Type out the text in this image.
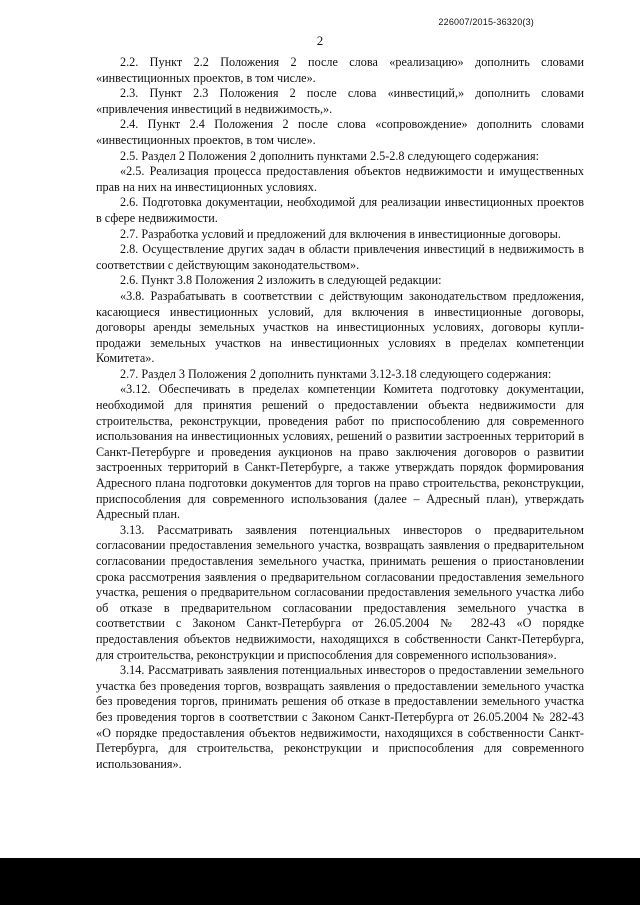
226007/2015-36320(3)
2

2.2. Пункт 2.2 Положения 2 после слова «реализацию» дополнить словами «инвестиционных проектов, в том числе».

2.3. Пункт 2.3 Положения 2 после слова «инвестиций,» дополнить словами «привлечения инвестиций в недвижимость,».

2.4. Пункт 2.4 Положения 2 после слова «сопровождение» дополнить словами «инвестиционных проектов, в том числе».

2.5. Раздел 2 Положения 2 дополнить пунктами 2.5-2.8 следующего содержания:

«2.5. Реализация процесса предоставления объектов недвижимости и имущественных прав на них на инвестиционных условиях.

2.6. Подготовка документации, необходимой для реализации инвестиционных проектов в сфере недвижимости.

2.7. Разработка условий и предложений для включения в инвестиционные договоры.

2.8. Осуществление других задач в области привлечения инвестиций в недвижимость в соответствии с действующим законодательством».

2.6. Пункт 3.8 Положения 2 изложить в следующей редакции:

«3.8. Разрабатывать в соответствии с действующим законодательством предложения, касающиеся инвестиционных условий, для включения в инвестиционные договоры, договоры аренды земельных участков на инвестиционных условиях, договоры купли-продажи земельных участков на инвестиционных условиях в пределах компетенции Комитета».

2.7. Раздел 3 Положения 2 дополнить пунктами 3.12-3.18 следующего содержания:

«3.12. Обеспечивать в пределах компетенции Комитета подготовку документации, необходимой для принятия решений о предоставлении объекта недвижимости для строительства, реконструкции, проведения работ по приспособлению для современного использования на инвестиционных условиях, решений о развитии застроенных территорий в Санкт-Петербурге и проведения аукционов на право заключения договоров о развитии застроенных территорий в Санкт-Петербурге, а также утверждать порядок формирования Адресного плана подготовки документов для торгов на право строительства, реконструкции, приспособления для современного использования (далее – Адресный план), утверждать Адресный план.

3.13. Рассматривать заявления потенциальных инвесторов о предварительном согласовании предоставления земельного участка, возвращать заявления о предварительном согласовании предоставления земельного участка, принимать решения о приостановлении срока рассмотрения заявления о предварительном согласовании предоставления земельного участка, решения о предварительном согласовании предоставления земельного участка либо об отказе в предварительном согласовании предоставления земельного участка в соответствии с Законом Санкт-Петербурга от 26.05.2004 № 282-43 «О порядке предоставления объектов недвижимости, находящихся в собственности Санкт-Петербурга, для строительства, реконструкции и приспособления для современного использования».

3.14. Рассматривать заявления потенциальных инвесторов о предоставлении земельного участка без проведения торгов, возвращать заявления о предоставлении земельного участка без проведения торгов, принимать решения об отказе в предоставлении земельного участка без проведения торгов в соответствии с Законом Санкт-Петербурга от 26.05.2004 № 282-43 «О порядке предоставления объектов недвижимости, находящихся в собственности Санкт-Петербурга, для строительства, реконструкции и приспособления для современного использования».
